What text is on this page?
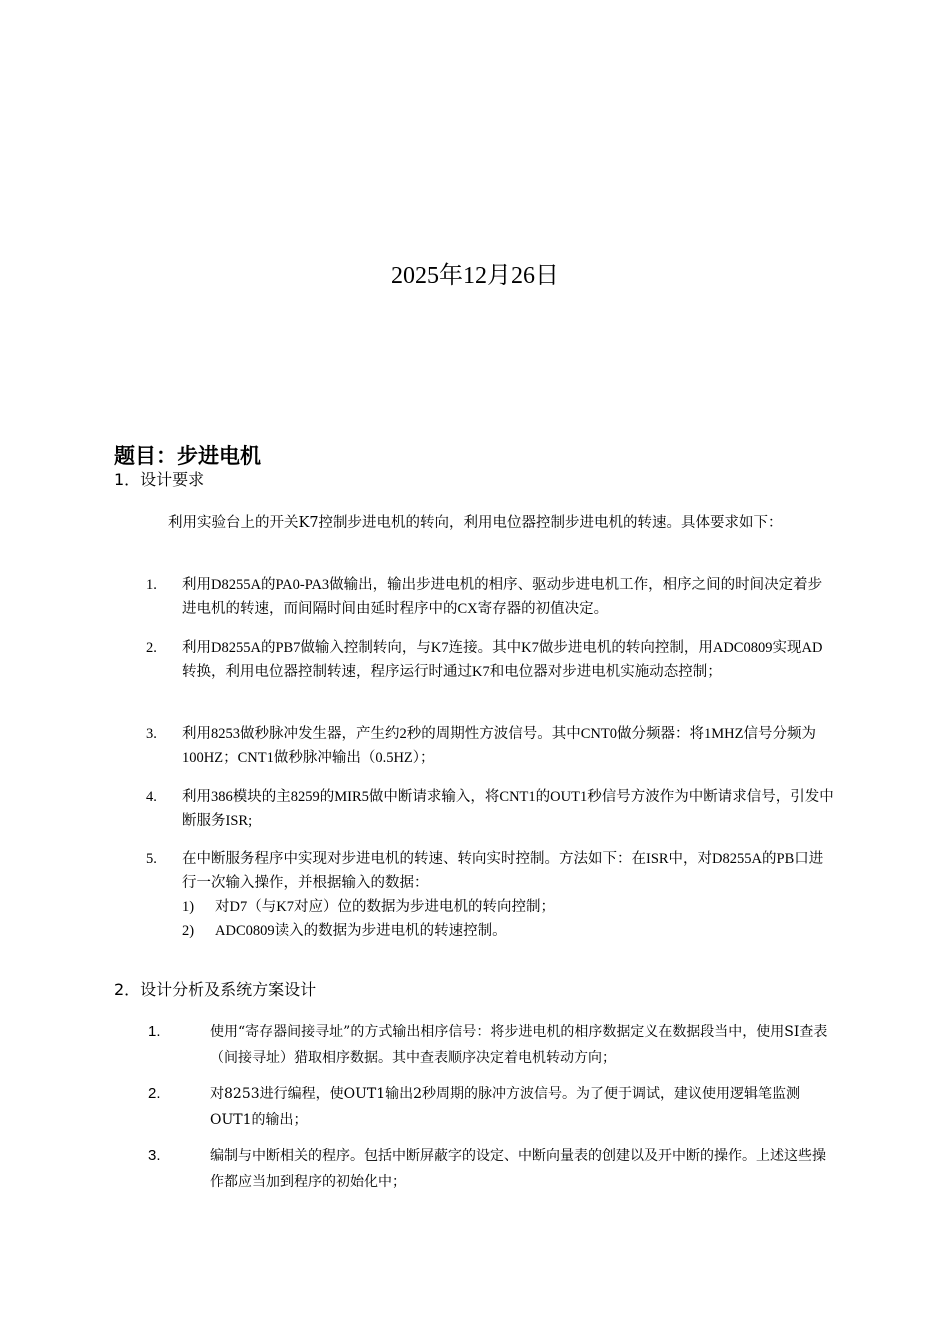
2025年12月26日
题目：步进电机
1．设计要求
利用实验台上的开关K7控制步进电机的转向，利用电位器控制步进电机的转速。具体要求如下：
1. 利用D8255A的PA0-PA3做输出，输出步进电机的相序、驱动步进电机工作，相序之间的时间决定着步进电机的转速，而间隔时间由延时程序中的CX寄存器的初值决定。
2. 利用D8255A的PB7做输入控制转向，与K7连接。其中K7做步进电机的转向控制，用ADC0809实现AD转换，利用电位器控制转速，程序运行时通过K7和电位器对步进电机实施动态控制；
3. 利用8253做秒脉冲发生器，产生约2秒的周期性方波信号。其中CNT0做分频器：将1MHZ信号分频为100HZ；CNT1做秒脉冲输出（0.5HZ）；
4. 利用386模块的主8259的MIR5做中断请求输入，将CNT1的OUT1秒信号方波作为中断请求信号，引发中断服务ISR;
5. 在中断服务程序中实现对步进电机的转速、转向实时控制。方法如下：在ISR中，对D8255A的PB口进行一次输入操作，并根据输入的数据：
1) 对D7（与K7对应）位的数据为步进电机的转向控制；
2) ADC0809读入的数据为步进电机的转速控制。
2．设计分析及系统方案设计
1.	使用“寄存器间接寻址”的方式输出相序信号：将步进电机的相序数据定义在数据段当中，使用SI查表（间接寻址）猎取相序数据。其中查表顺序决定着电机转动方向；
2.	对8253进行编程，使OUT1输出2秒周期的脉冲方波信号。为了便于调试，建议使用逻辑笔监测OUT1的输出；
3.	编制与中断相关的程序。包括中断屏蔽字的设定、中断向量表的创建以及开中断的操作。上述这些操作都应当加到程序的初始化中；
